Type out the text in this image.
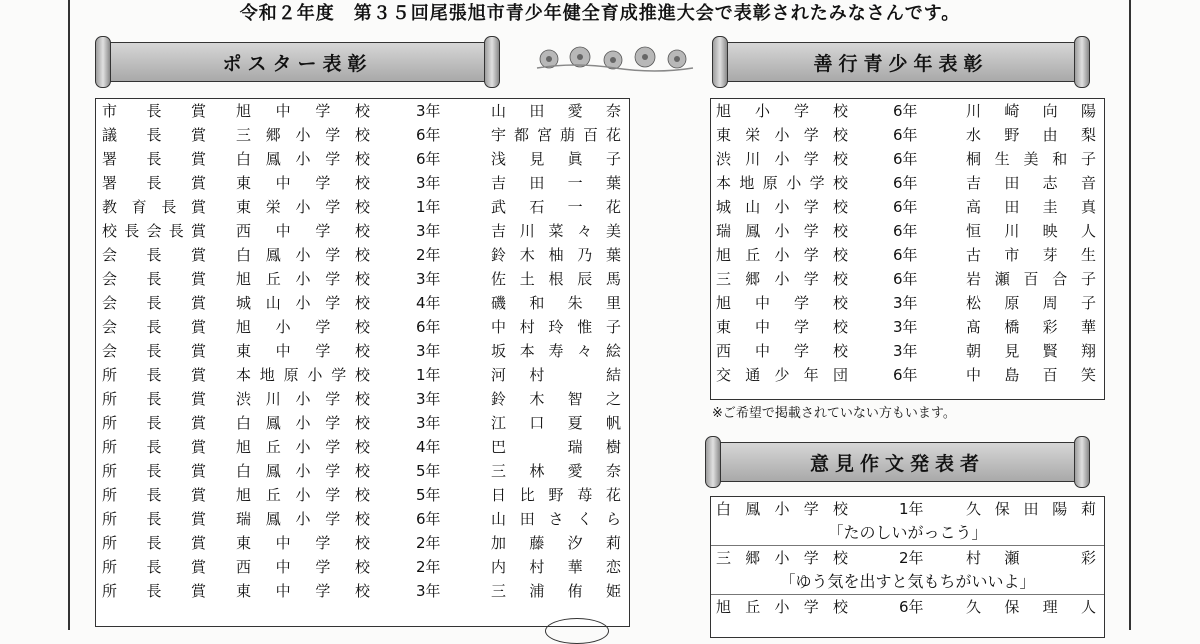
令和２年度　第３５回尾張旭市青少年健全育成推進大会で表彰されたみなさんです。
ポスター表彰
市長賞 旭中学校	3年	山田愛奈
議長賞 三郷小学校	6年	宇都宮萠百花
署長賞 白鳳小学校	6年	浅見眞子
署長賞 東中学校	3年	吉田一葉
教育長賞 東栄小学校	1年	武石一花
校長会長賞 西中学校	3年	吉川菜々美
会長賞 白鳳小学校	2年	鈴木柚乃葉
会長賞 旭丘小学校	3年	佐土根辰馬
会長賞 城山小学校	4年	磯和朱里
会長賞 旭小学校	6年	中村玲惟子
会長賞 東中学校	3年	坂本寿々絵
所長賞 本地原小学校	1年	河村　結
所長賞 渋川小学校	3年	鈴木智之
所長賞 白鳳小学校	3年	江口夏帆
所長賞 旭丘小学校	4年	巴　瑞樹
所長賞 白鳳小学校	5年	三林愛奈
所長賞 旭丘小学校	5年	日比野苺花
所長賞 瑞鳳小学校	6年	山田さくら
所長賞 東中学校	2年	加藤汐莉
所長賞 西中学校	2年	内村華恋
所長賞 東中学校	3年	三浦侑姫
善行青少年表彰
旭小学校	6年	川崎向陽
東栄小学校	6年	水野由梨
渋川小学校	6年	桐生美和子
本地原小学校	6年	吉田志音
城山小学校	6年	高田圭真
瑞鳳小学校	6年	恒川映人
旭丘小学校	6年	古市芽生
三郷小学校	6年	岩瀬百合子
旭中学校	3年	松原周子
東中学校	3年	髙橋彩華
西中学校	3年	朝見賢翔
交通少年団	6年	中島百笑
※ご希望で掲載されていない方もいます。
意見作文発表者
白鳳小学校	1年	久保田陽莉
「たのしいがっこう」
三郷小学校	2年	村瀬　彩
「ゆう気を出すと気もちがいいよ」
旭丘小学校	6年	久保理人
